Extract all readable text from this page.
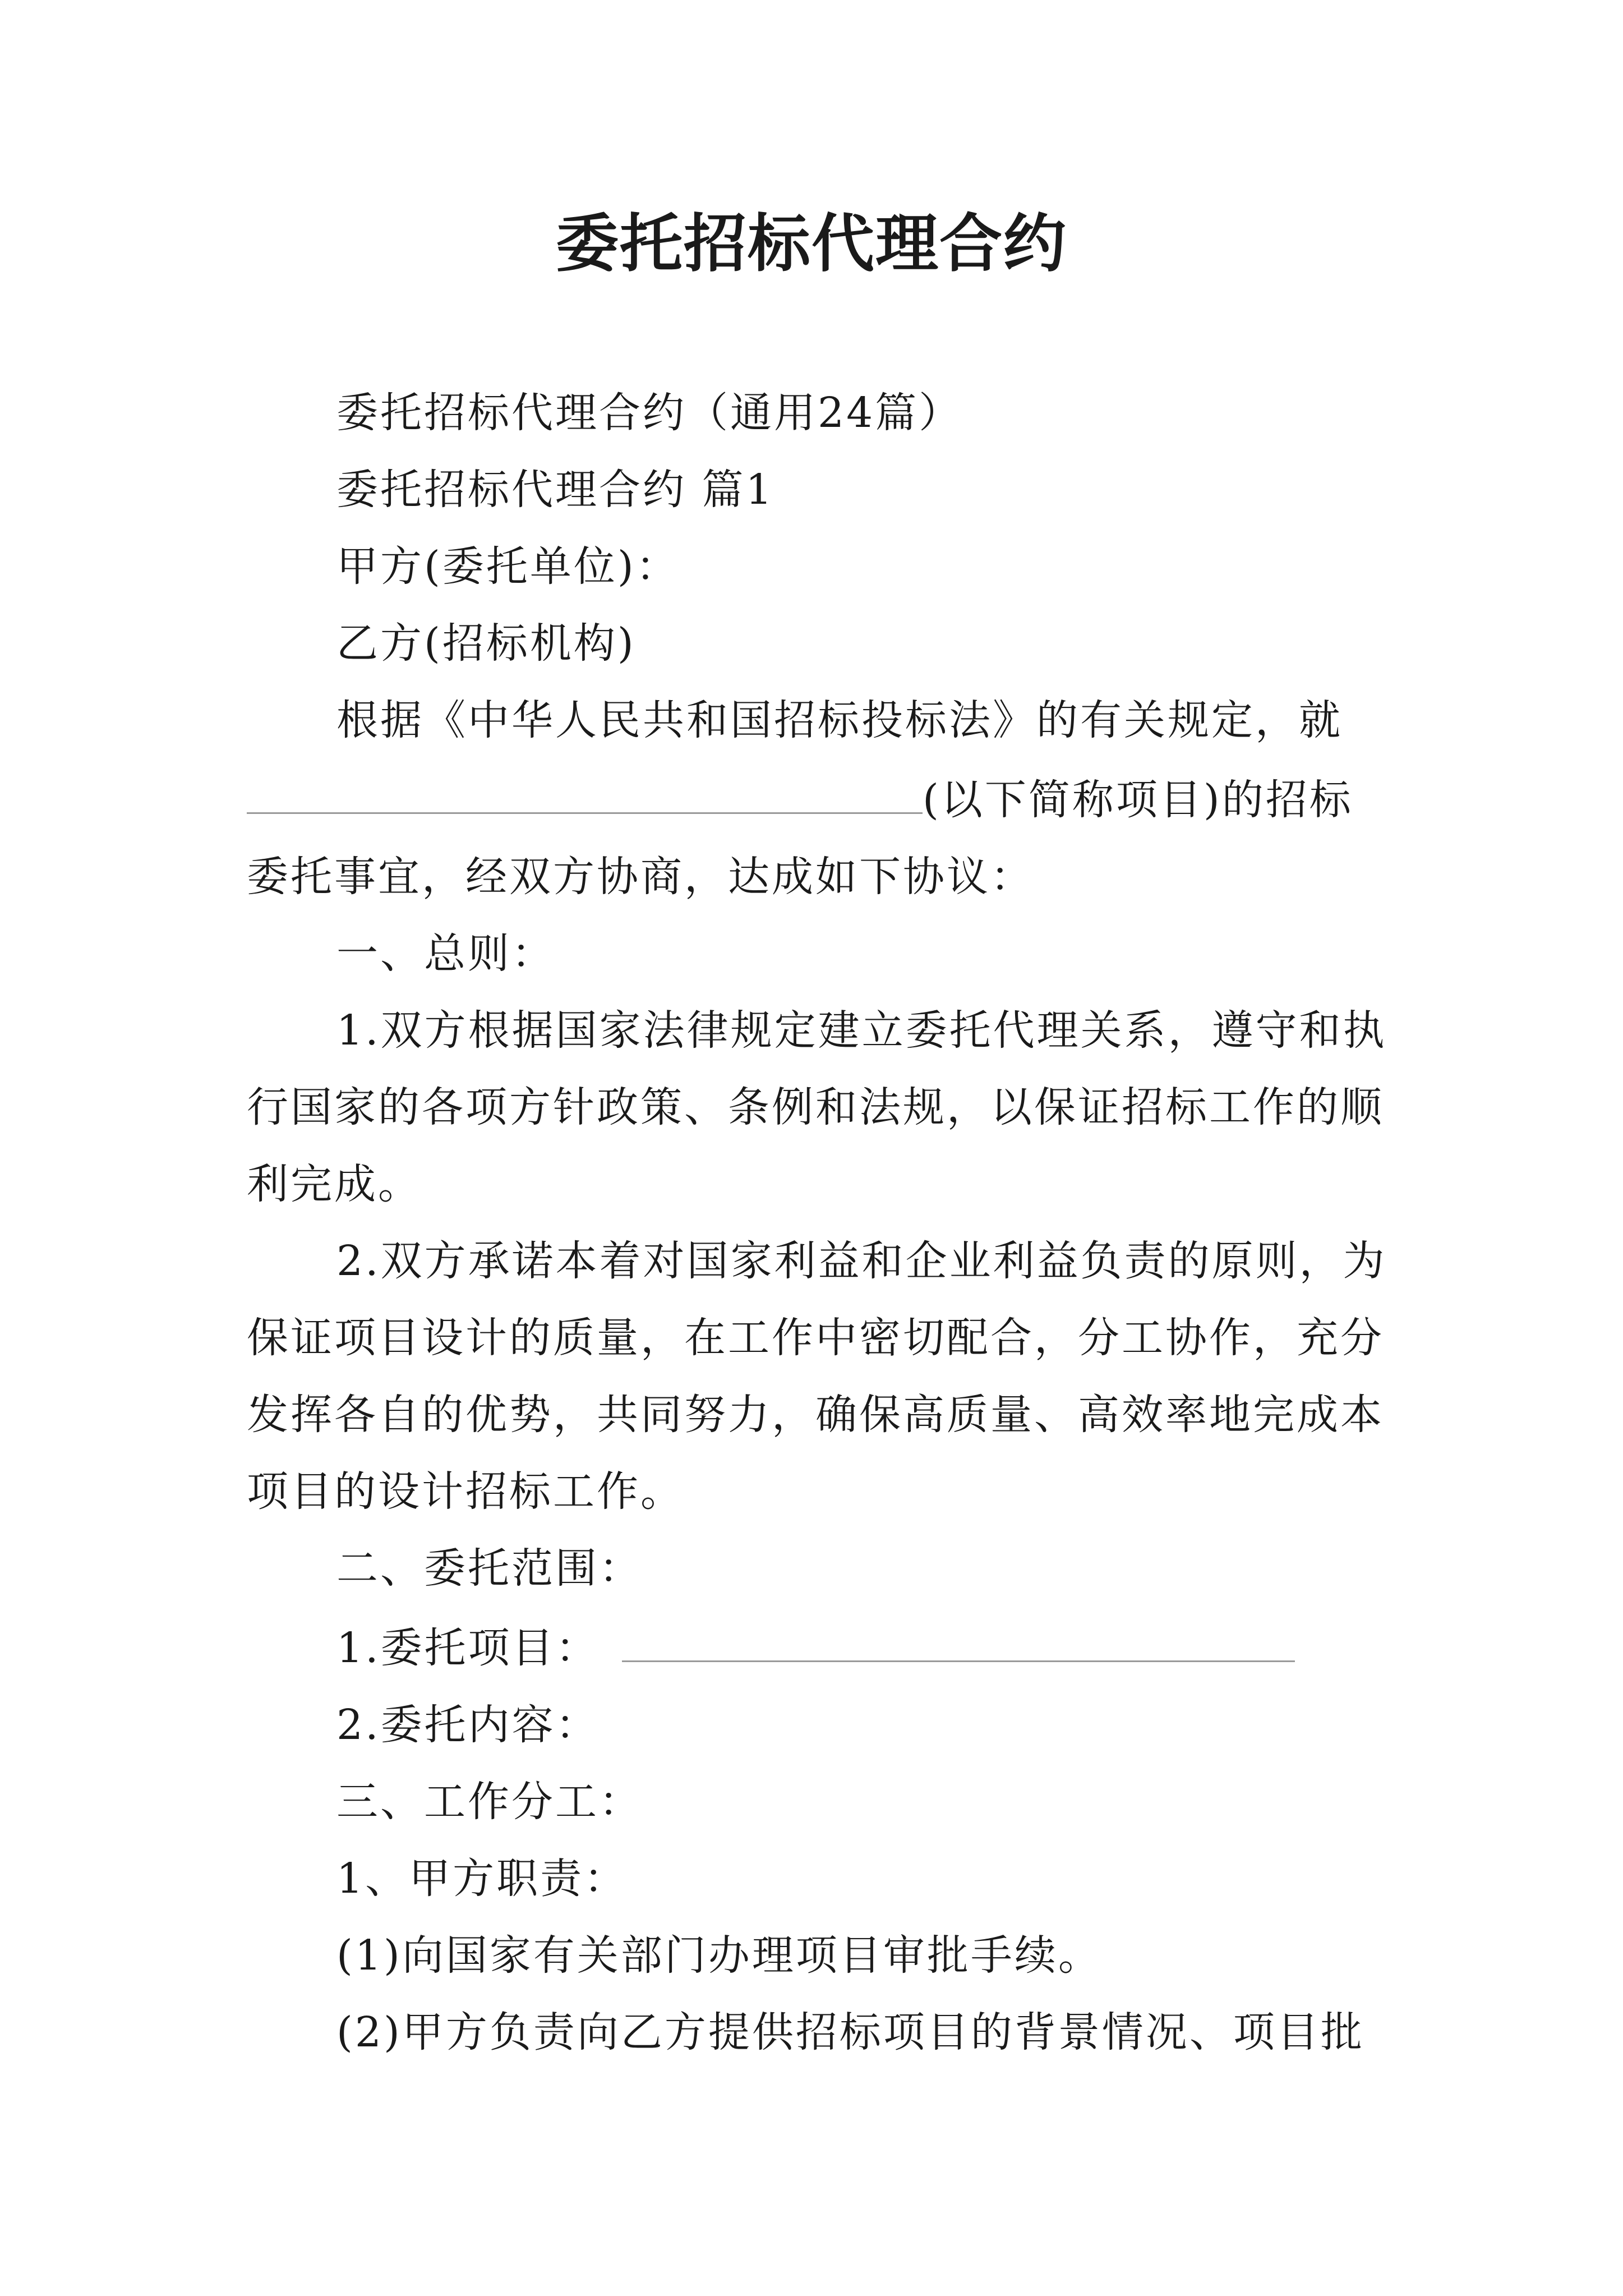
委托招标代理合约

委托招标代理合约（通用24篇）

委托招标代理合约 篇1

甲方(委托单位)：

乙方(招标机构)

根据《中华人民共和国招标投标法》的有关规定，就(以下简称项目)的招标委托事宜，经双方协商，达成如下协议：

一、总则：

1.双方根据国家法律规定建立委托代理关系，遵守和执行国家的各项方针政策、条例和法规，以保证招标工作的顺利完成。

2.双方承诺本着对国家利益和企业利益负责的原则，为保证项目设计的质量，在工作中密切配合，分工协作，充分发挥各自的优势，共同努力，确保高质量、高效率地完成本项目的设计招标工作。

二、委托范围：

1.委托项目：

2.委托内容：

三、工作分工：

1、甲方职责：

(1)向国家有关部门办理项目审批手续。

(2)甲方负责向乙方提供招标项目的背景情况、项目批
